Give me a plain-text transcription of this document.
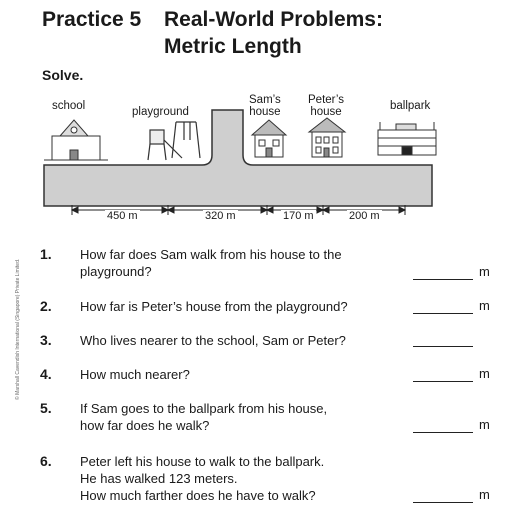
Practice 5 Real-World Problems:
Metric Length
Solve.
school	playground
Sam’s
house
Peter’s
house	ballpark
450 m	320 m	170 m	200 m
© Marshall Cavendish International (Singapore) Private Limited.
1. How far does Sam walk from his house to the
playground?	m
2. How far is Peter’s house from the playground?	m
3. Who lives nearer to the school, Sam or Peter?
4. How much nearer?	m
5. If Sam goes to the ballpark from his house,
how far does he walk?	m
6. Peter left his house to walk to the ballpark.
He has walked 123 meters.
How much farther does he have to walk?	m
